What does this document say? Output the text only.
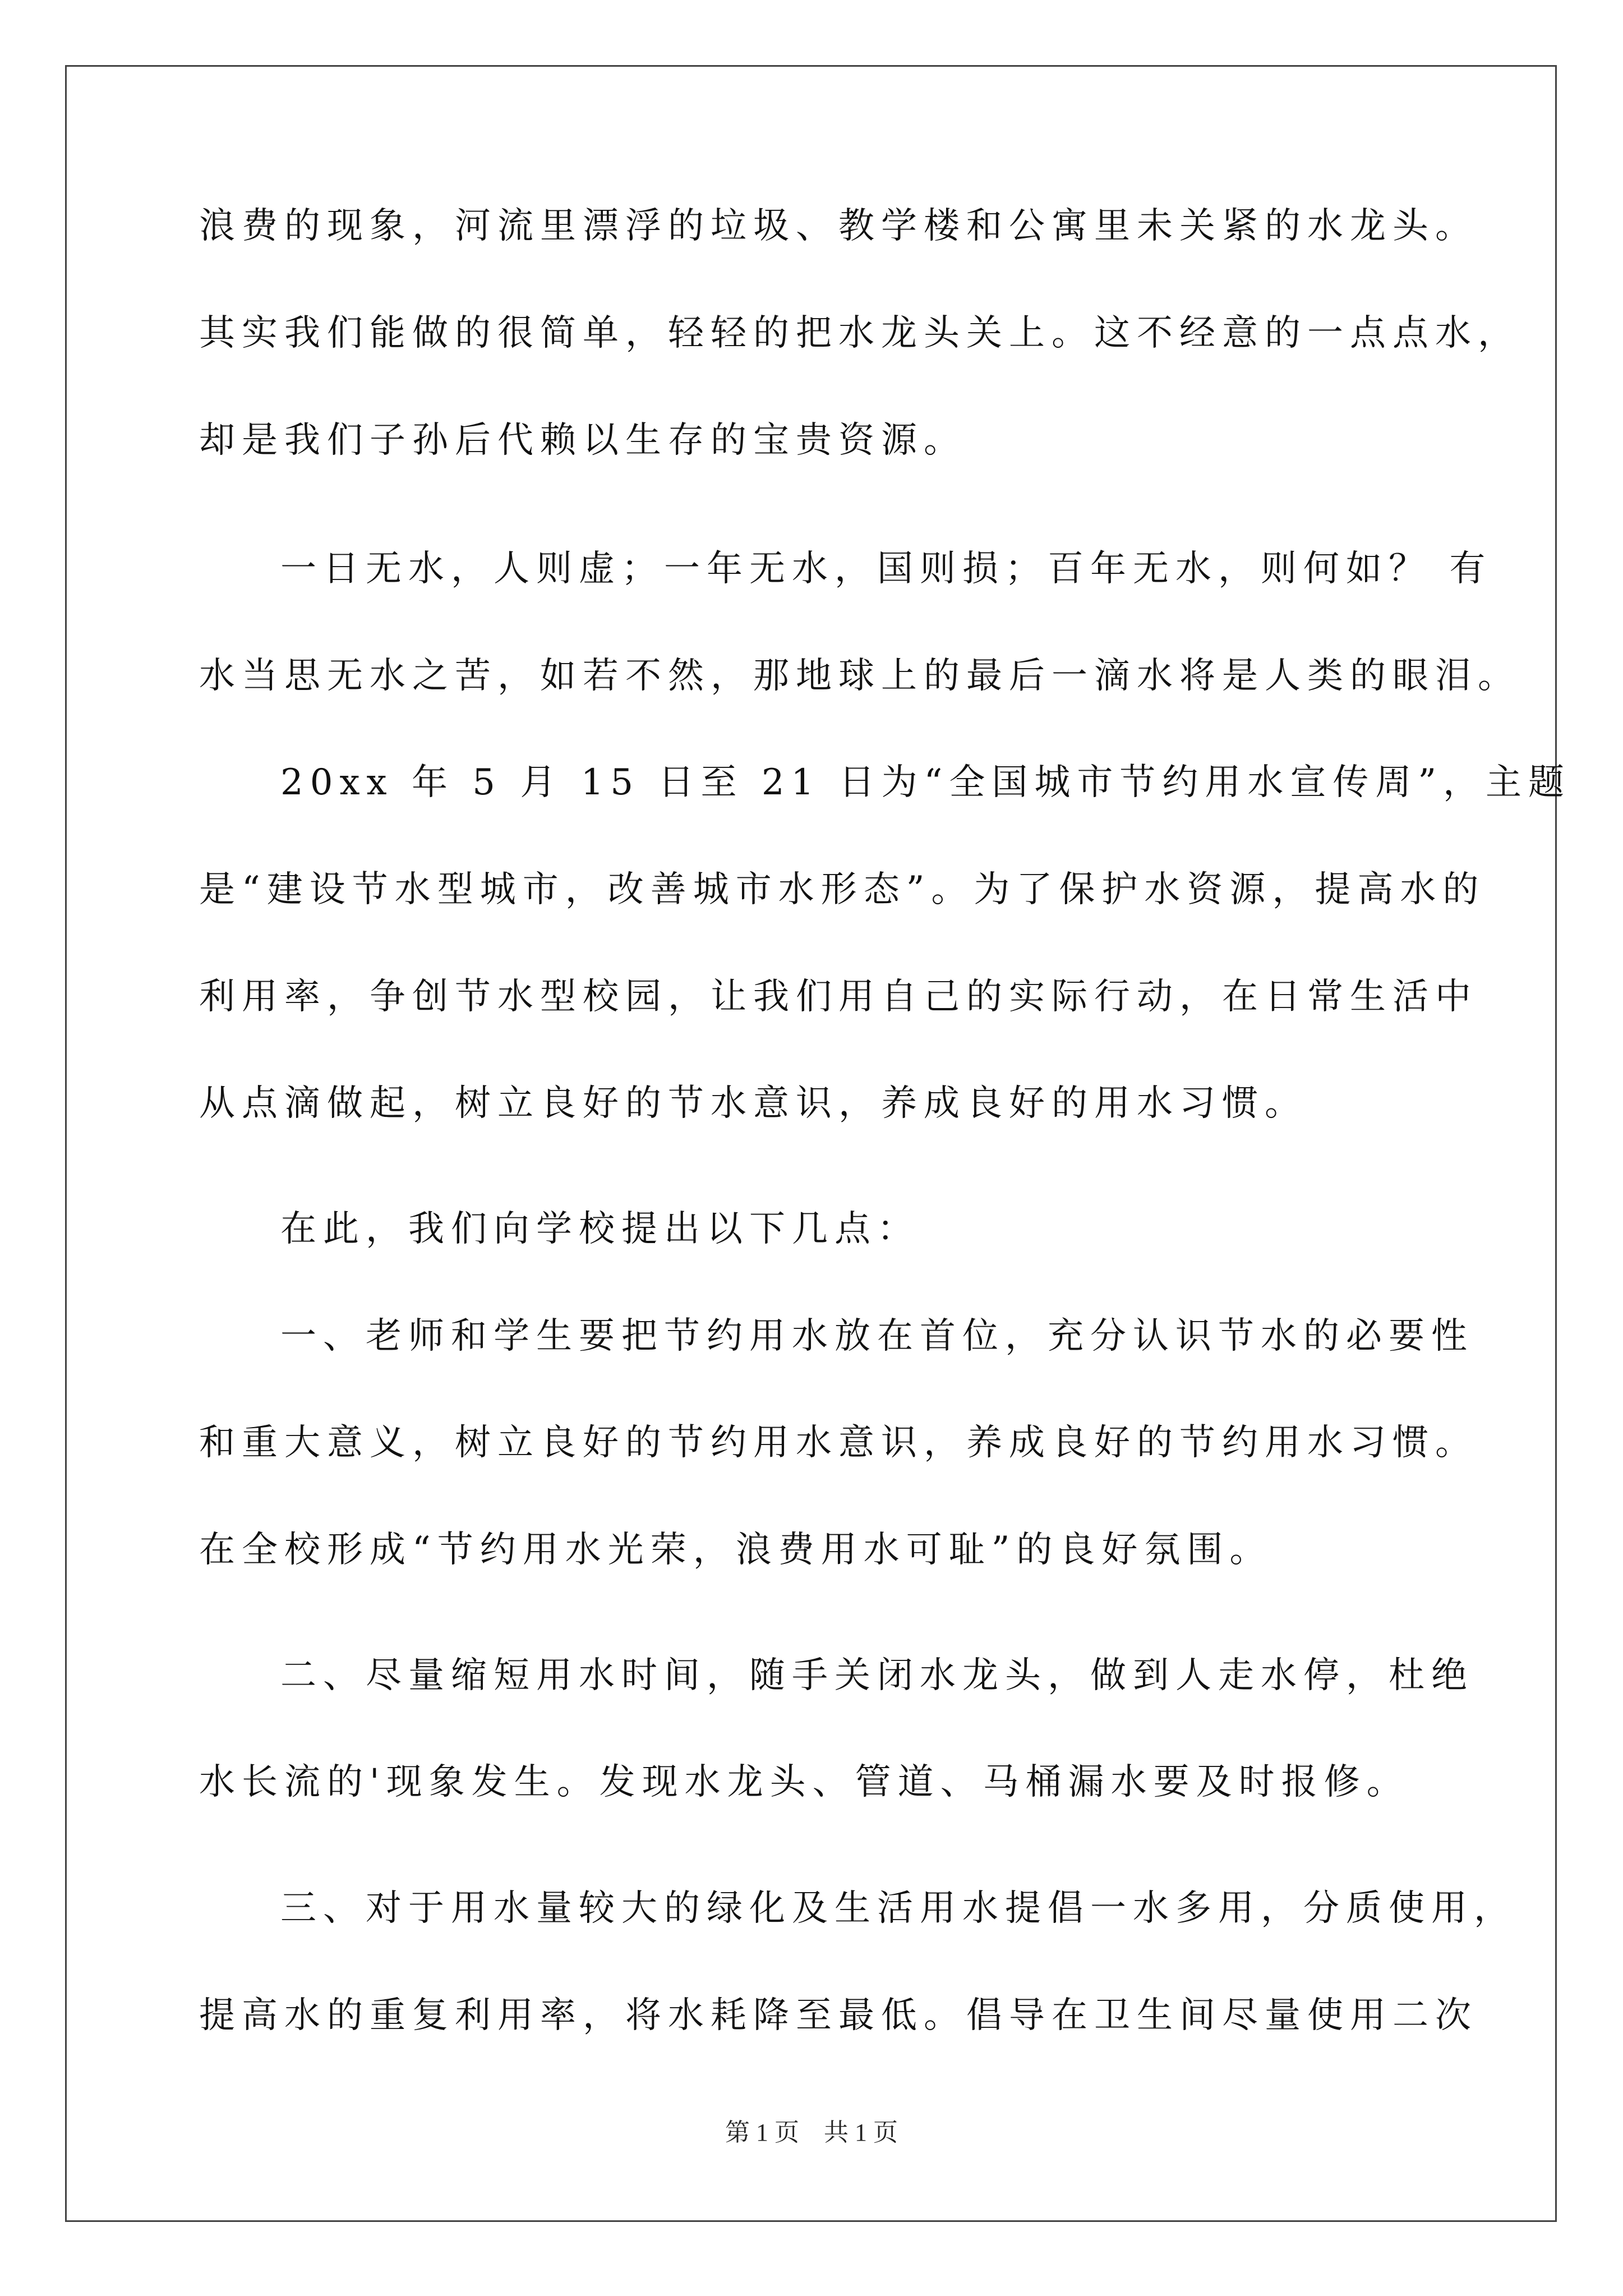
浪费的现象，河流里漂浮的垃圾、教学楼和公寓里未关紧的水龙头。
其实我们能做的很简单，轻轻的把水龙头关上。这不经意的一点点水，
却是我们子孙后代赖以生存的宝贵资源。
一日无水，人则虚；一年无水，国则损；百年无水，则何如？ 有
水当思无水之苦，如若不然，那地球上的最后一滴水将是人类的眼泪。
20xx 年 5 月 15 日至 21 日为“全国城市节约用水宣传周”，主题
是“建设节水型城市，改善城市水形态”。为了保护水资源，提高水的
利用率，争创节水型校园，让我们用自己的实际行动，在日常生活中
从点滴做起，树立良好的节水意识，养成良好的用水习惯。
在此，我们向学校提出以下几点：
一、老师和学生要把节约用水放在首位，充分认识节水的必要性
和重大意义，树立良好的节约用水意识，养成良好的节约用水习惯。
在全校形成“节约用水光荣，浪费用水可耻”的良好氛围。
二、尽量缩短用水时间，随手关闭水龙头，做到人走水停，杜绝
水长流的'现象发生。发现水龙头、管道、马桶漏水要及时报修。
三、对于用水量较大的绿化及生活用水提倡一水多用，分质使用，
提高水的重复利用率，将水耗降至最低。倡导在卫生间尽量使用二次
第 1 页    共 1 页
